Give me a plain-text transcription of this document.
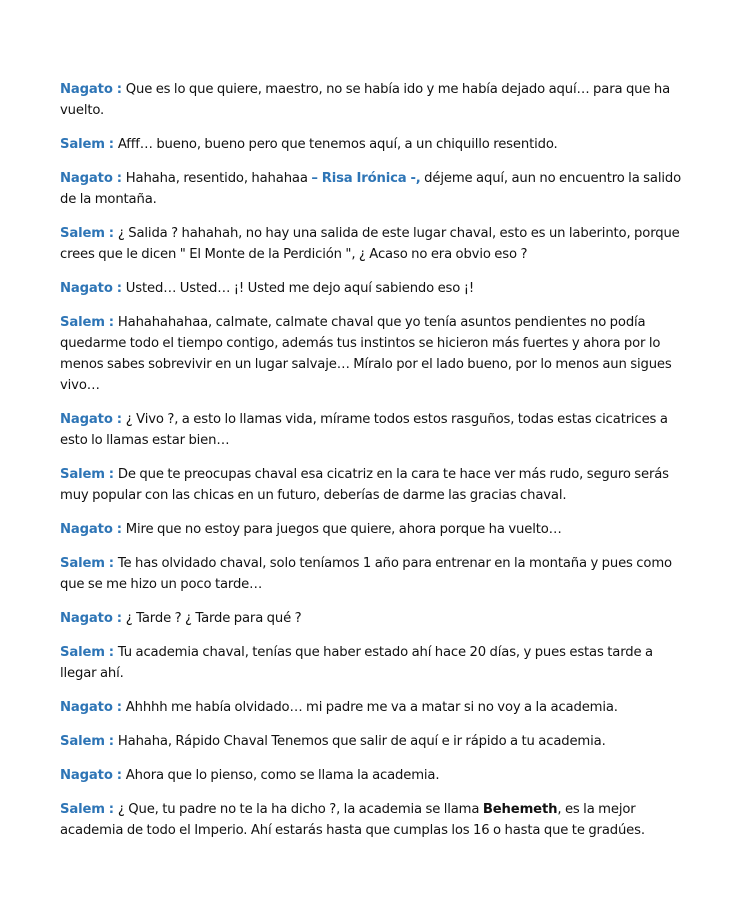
Nagato : Que es lo que quiere, maestro, no se había ido y me había dejado aquí… para que ha vuelto.

Salem : Afff… bueno, bueno pero que tenemos aquí, a un chiquillo resentido.

Nagato : Hahaha, resentido, hahahaa – Risa Irónica -, déjeme aquí, aun no encuentro la salido de la montaña.

Salem : ¿ Salida ? hahahah, no hay una salida de este lugar chaval, esto es un laberinto, porque crees que le dicen " El Monte de la Perdición ", ¿ Acaso no era obvio eso ?

Nagato : Usted… Usted… ¡! Usted me dejo aquí sabiendo eso ¡!

Salem : Hahahahahaa, calmate, calmate chaval que yo tenía asuntos pendientes no podía quedarme todo el tiempo contigo, además tus instintos se hicieron más fuertes y ahora por lo menos sabes sobrevivir en un lugar salvaje… Míralo por el lado bueno, por lo menos aun sigues vivo…

Nagato : ¿ Vivo ?, a esto lo llamas vida, mírame todos estos rasguños, todas estas cicatrices a esto lo llamas estar bien…

Salem : De que te preocupas chaval esa cicatriz en la cara te hace ver más rudo, seguro serás muy popular con las chicas en un futuro, deberías de darme las gracias chaval.

Nagato : Mire que no estoy para juegos que quiere, ahora porque ha vuelto…

Salem : Te has olvidado chaval, solo teníamos 1 año para entrenar en la montaña y pues como que se me hizo un poco tarde…

Nagato : ¿ Tarde ? ¿ Tarde para qué ?

Salem : Tu academia chaval, tenías que haber estado ahí hace 20 días, y pues estas tarde a llegar ahí.

Nagato : Ahhhh me había olvidado… mi padre me va a matar si no voy a la academia.

Salem : Hahaha, Rápido Chaval Tenemos que salir de aquí e ir rápido a tu academia.

Nagato : Ahora que lo pienso, como se llama la academia.

Salem : ¿ Que, tu padre no te la ha dicho ?, la academia se llama Behemeth, es la mejor academia de todo el Imperio. Ahí estarás hasta que cumplas los 16 o hasta que te gradúes.
